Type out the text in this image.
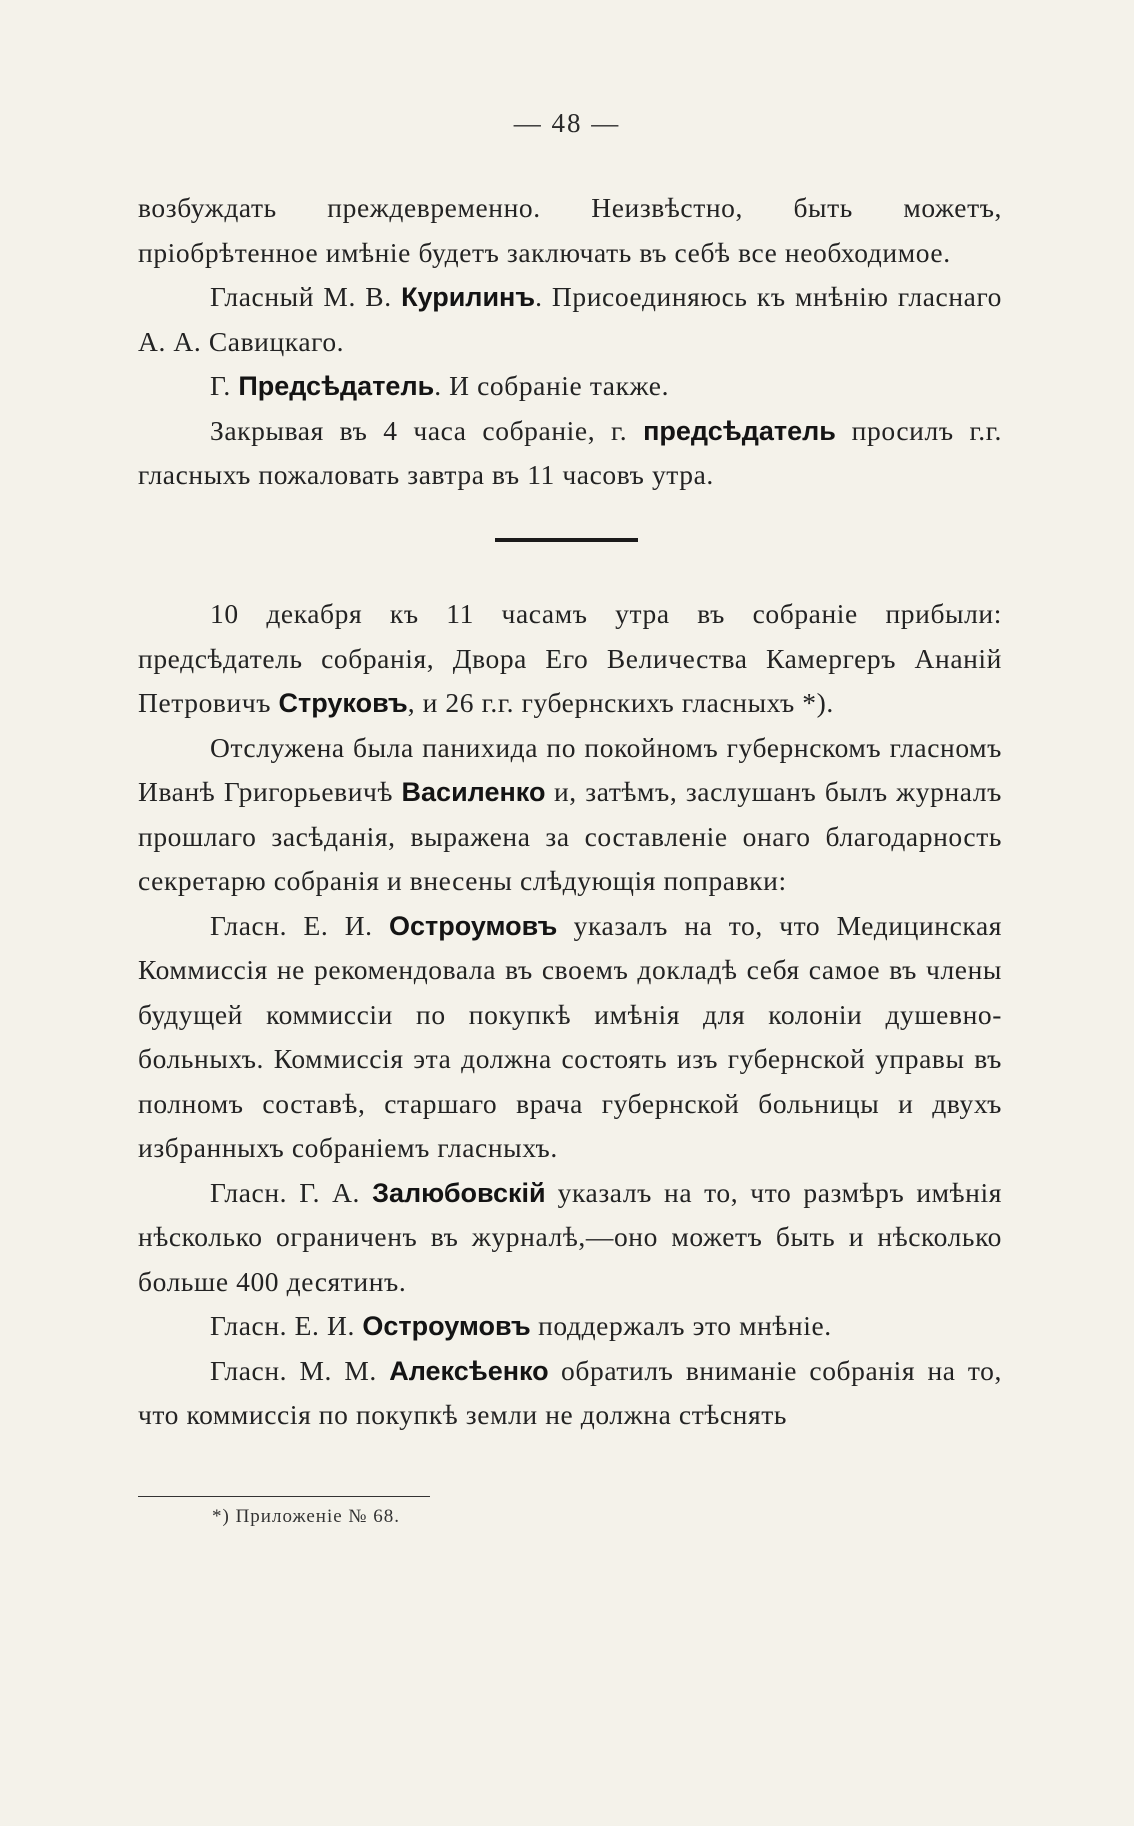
— 48 —

возбуждать преждевременно. Неизвѣстно, быть можетъ, пріобрѣтенное имѣніе будетъ заключать въ себѣ все необходимое.

Гласный М. В. Курилинъ. Присоединяюсь къ мнѣнію гласнаго А. А. Савицкаго.

Г. Предсѣдатель. И собраніе также.

Закрывая въ 4 часа собраніе, г. предсѣдатель просилъ г.г. гласныхъ пожаловать завтра въ 11 часовъ утра.

10 декабря къ 11 часамъ утра въ собраніе прибыли: предсѣдатель собранія, Двора Его Величества Камергеръ Ананій Петровичъ Струковъ, и 26 г.г. губернскихъ гласныхъ *).

Отслужена была панихида по покойномъ губернскомъ гласномъ Иванѣ Григорьевичѣ Василенко и, затѣмъ, заслушанъ былъ журналъ прошлаго засѣданія, выражена за составленіе онаго благодарность секретарю собранія и внесены слѣдующія поправки:

Гласн. Е. И. Остроумовъ указалъ на то, что Медицинская Коммиссія не рекомендовала въ своемъ докладѣ себя самое въ члены будущей коммиссіи по покупкѣ имѣнія для колоніи душевно-больныхъ. Коммиссія эта должна состоять изъ губернской управы въ полномъ составѣ, старшаго врача губернской больницы и двухъ избранныхъ собраніемъ гласныхъ.

Гласн. Г. А. Залюбовскій указалъ на то, что размѣръ имѣнія нѣсколько ограниченъ въ журналѣ,—оно можетъ быть и нѣсколько больше 400 десятинъ.

Гласн. Е. И. Остроумовъ поддержалъ это мнѣніе.

Гласн. М. М. Алексѣенко обратилъ вниманіе собранія на то, что коммиссія по покупкѣ земли не должна стѣснять

*) Приложеніе № 68.
